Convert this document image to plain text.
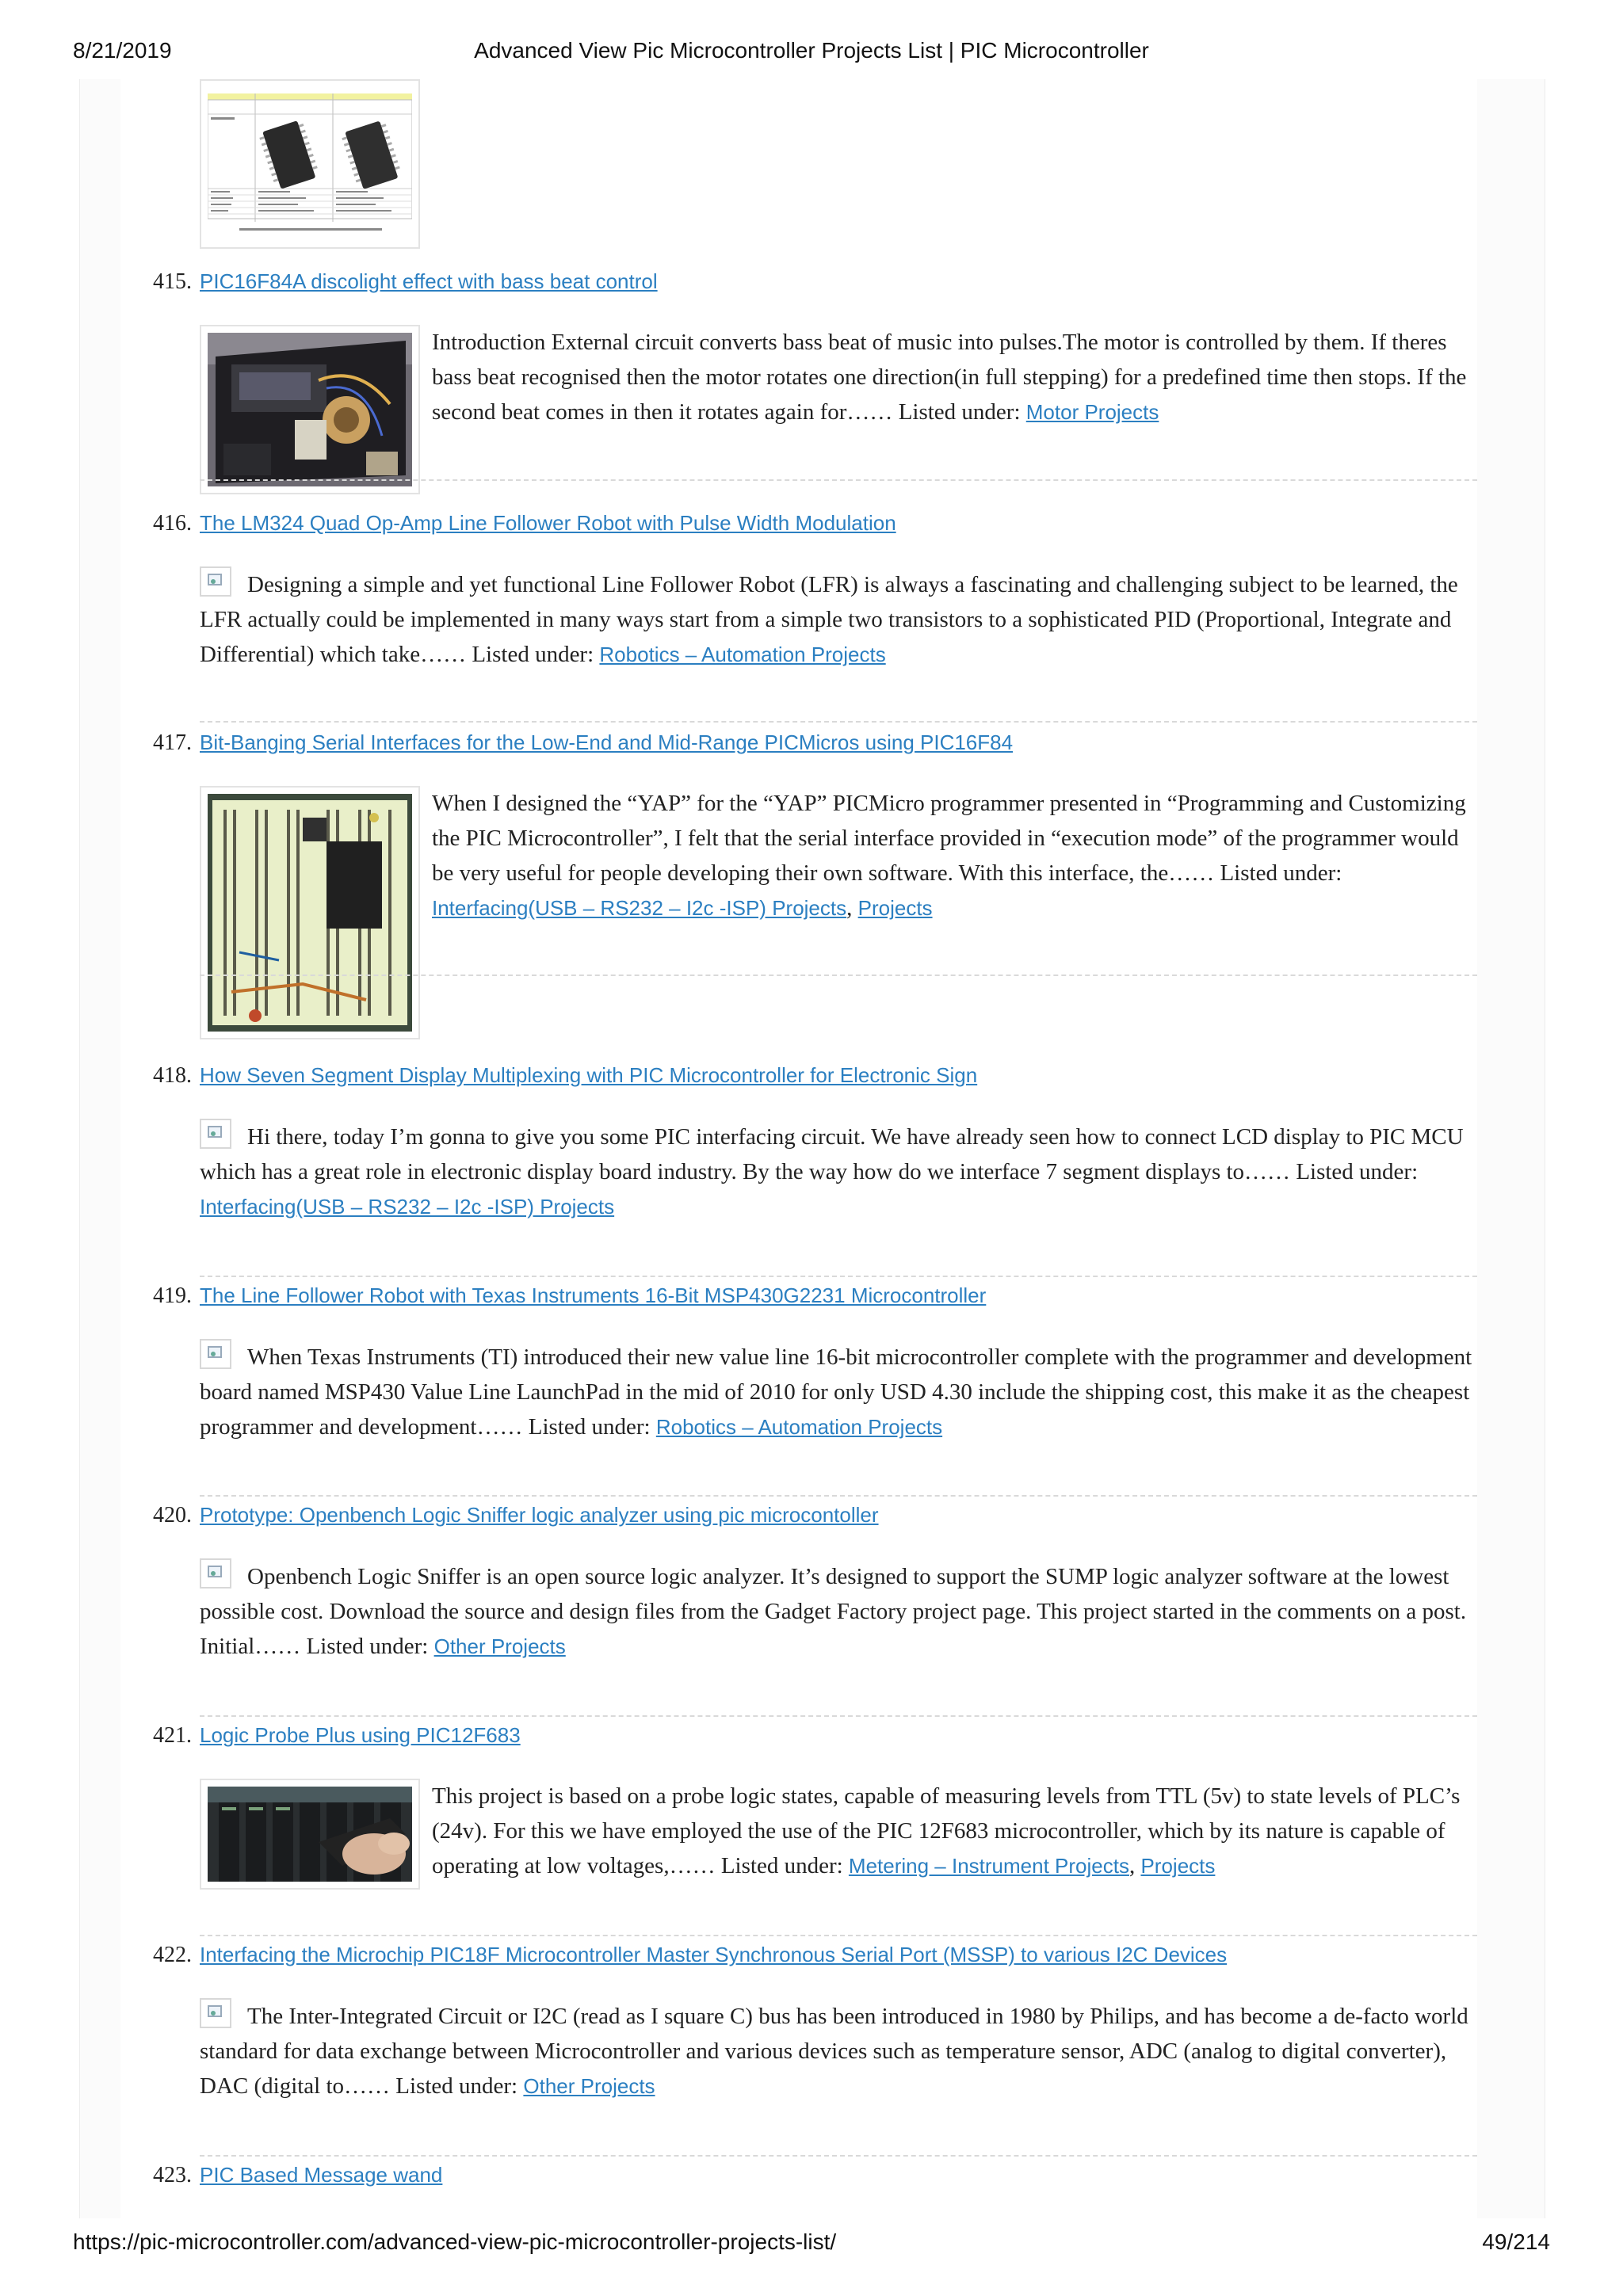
8/21/2019	Advanced View Pic Microcontroller Projects List | PIC Microcontroller
415. PIC16F84A discolight effect with bass beat control
Introduction External circuit converts bass beat of music into pulses.The motor is controlled by them. If theres bass beat recognised then the motor rotates one direction(in full stepping) for a predefined time then stops. If the second beat comes in then it rotates again for…… Listed under: Motor Projects
416. The LM324 Quad Op-Amp Line Follower Robot with Pulse Width Modulation
Designing a simple and yet functional Line Follower Robot (LFR) is always a fascinating and challenging subject to be learned, the LFR actually could be implemented in many ways start from a simple two transistors to a sophisticated PID (Proportional, Integrate and Differential) which take…… Listed under: Robotics – Automation Projects
417. Bit-Banging Serial Interfaces for the Low-End and Mid-Range PICMicros using PIC16F84
When I designed the “YAP” for the “YAP” PICMicro programmer presented in “Programming and Customizing the PIC Microcontroller”, I felt that the serial interface provided in “execution mode” of the programmer would be very useful for people developing their own software. With this interface, the…… Listed under: Interfacing(USB – RS232 – I2c -ISP) Projects, Projects
418. How Seven Segment Display Multiplexing with PIC Microcontroller for Electronic Sign
Hi there, today I’m gonna to give you some PIC interfacing circuit. We have already seen how to connect LCD display to PIC MCU which has a great role in electronic display board industry. By the way how do we interface 7 segment displays to…… Listed under: Interfacing(USB – RS232 – I2c -ISP) Projects
419. The Line Follower Robot with Texas Instruments 16-Bit MSP430G2231 Microcontroller
When Texas Instruments (TI) introduced their new value line 16-bit microcontroller complete with the programmer and development board named MSP430 Value Line LaunchPad in the mid of 2010 for only USD 4.30 include the shipping cost, this make it as the cheapest programmer and development…… Listed under: Robotics – Automation Projects
420. Prototype: Openbench Logic Sniffer logic analyzer using pic microcontoller
Openbench Logic Sniffer is an open source logic analyzer. It’s designed to support the SUMP logic analyzer software at the lowest possible cost. Download the source and design files from the Gadget Factory project page. This project started in the comments on a post. Initial…… Listed under: Other Projects
421. Logic Probe Plus using PIC12F683
This project is based on a probe logic states, capable of measuring levels from TTL (5v) to state levels of PLC’s (24v). For this we have employed the use of the PIC 12F683 microcontroller, which by its nature is capable of operating at low voltages,…… Listed under: Metering – Instrument Projects, Projects
422. Interfacing the Microchip PIC18F Microcontroller Master Synchronous Serial Port (MSSP) to various I2C Devices
The Inter-Integrated Circuit or I2C (read as I square C) bus has been introduced in 1980 by Philips, and has become a de-facto world standard for data exchange between Microcontroller and various devices such as temperature sensor, ADC (analog to digital converter), DAC (digital to…… Listed under: Other Projects
423. PIC Based Message wand
https://pic-microcontroller.com/advanced-view-pic-microcontroller-projects-list/	49/214
